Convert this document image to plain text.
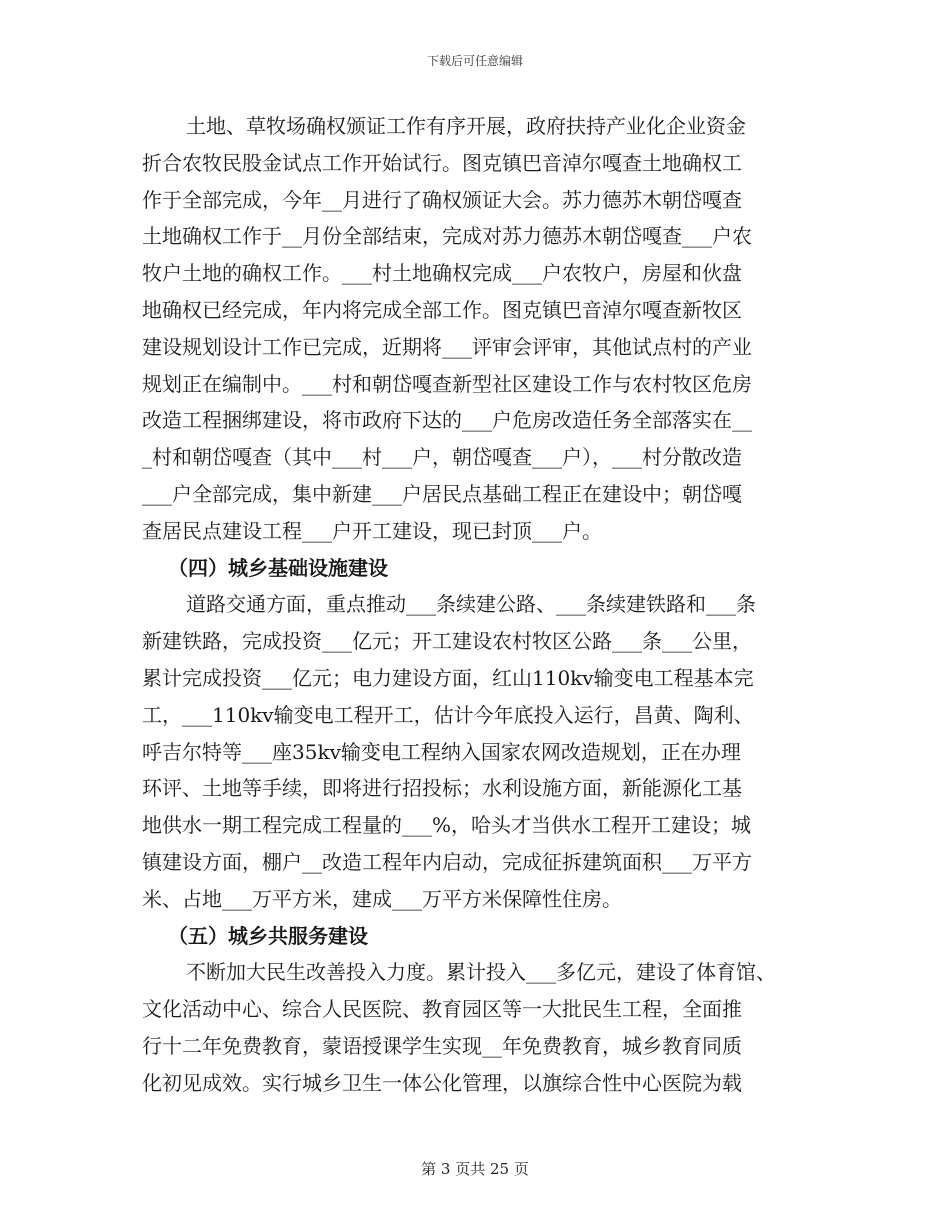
下载后可任意编辑
土地、草牧场确权颁证工作有序开展，政府扶持产业化企业资金
折合农牧民股金试点工作开始试行。图克镇巴音淖尔嘎查土地确权工
作于全部完成，今年__月进行了确权颁证大会。苏力德苏木朝岱嘎查
土地确权工作于__月份全部结束，完成对苏力德苏木朝岱嘎查___户农
牧户土地的确权工作。___村土地确权完成___户农牧户，房屋和伙盘
地确权已经完成，年内将完成全部工作。图克镇巴音淖尔嘎查新牧区
建设规划设计工作已完成，近期将___评审会评审，其他试点村的产业
规划正在编制中。___村和朝岱嘎查新型社区建设工作与农村牧区危房
改造工程捆绑建设，将市政府下达的___户危房改造任务全部落实在__
_村和朝岱嘎查（其中___村___户，朝岱嘎查___户），___村分散改造
___户全部完成，集中新建___户居民点基础工程正在建设中；朝岱嘎
查居民点建设工程___户开工建设，现已封顶___户。
（四）城乡基础设施建设
道路交通方面，重点推动___条续建公路、___条续建铁路和___条
新建铁路，完成投资___亿元；开工建设农村牧区公路___条___公里，
累计完成投资___亿元；电力建设方面，红山110kv输变电工程基本完
工，___110kv输变电工程开工，估计今年底投入运行，昌黄、陶利、
呼吉尔特等___座35kv输变电工程纳入国家农网改造规划，正在办理
环评、土地等手续，即将进行招投标；水利设施方面，新能源化工基
地供水一期工程完成工程量的___%，哈头才当供水工程开工建设；城
镇建设方面，棚户__改造工程年内启动，完成征拆建筑面积___万平方
米、占地___万平方米，建成___万平方米保障性住房。
（五）城乡共服务建设
不断加大民生改善投入力度。累计投入___多亿元，建设了体育馆、
文化活动中心、综合人民医院、教育园区等一大批民生工程，全面推
行十二年免费教育，蒙语授课学生实现__年免费教育，城乡教育同质
化初见成效。实行城乡卫生一体公化管理，以旗综合性中心医院为载
第 3 页共 25 页
